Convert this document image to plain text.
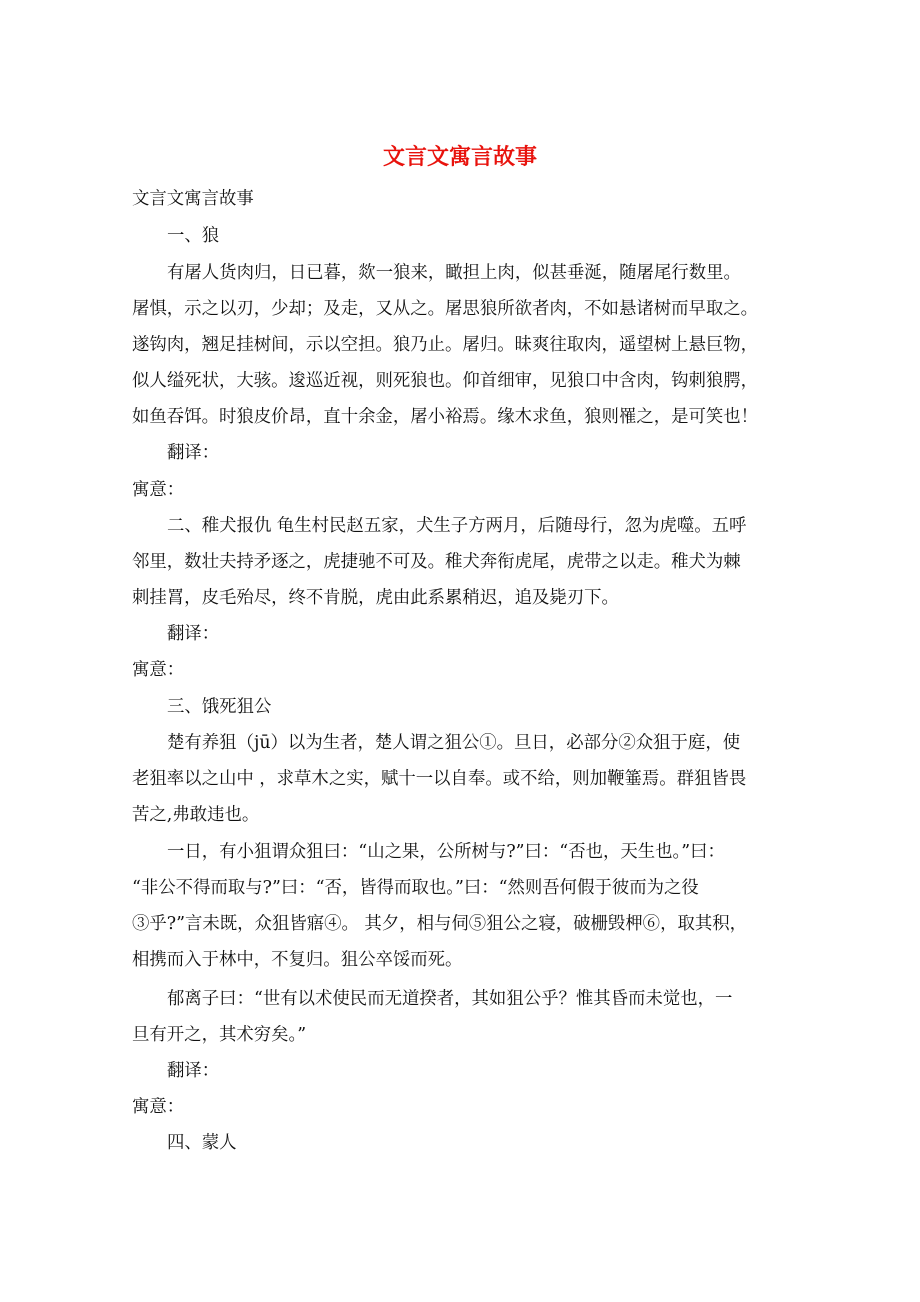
文言文寓言故事
文言文寓言故事
一、狼
有屠人货肉归，日已暮，欻一狼来，瞰担上肉，似甚垂涎，随屠尾行数里。
屠惧，示之以刃，少却；及走，又从之。屠思狼所欲者肉，不如悬诸树而早取之。
遂钩肉，翘足挂树间，示以空担。狼乃止。屠归。昧爽往取肉，遥望树上悬巨物，
似人缢死状，大骇。逡巡近视，则死狼也。仰首细审，见狼口中含肉，钩刺狼腭，
如鱼吞饵。时狼皮价昂，直十余金，屠小裕焉。缘木求鱼，狼则罹之，是可笑也！
翻译：
寓意：
二、稚犬报仇 龟生村民赵五家，犬生子方两月，后随母行，忽为虎噬。五呼
邻里，数壮夫持矛逐之，虎捷驰不可及。稚犬奔衔虎尾，虎带之以走。稚犬为棘
刺挂罥，皮毛殆尽，终不肯脱，虎由此系累稍迟，追及毙刃下。
翻译：
寓意：
三、饿死狙公
楚有养狙（jū）以为生者，楚人谓之狙公①。旦日，必部分②众狙于庭，使
老狙率以之山中 ，求草木之实，赋十一以自奉。或不给，则加鞭箠焉。群狙皆畏
苦之,弗敢违也。
一日，有小狙谓众狙曰：“山之果，公所树与?”曰：“否也，天生也。”曰：
“非公不得而取与?”曰：“否，皆得而取也。”曰：“然则吾何假于彼而为之役
③乎?”言未既，众狙皆寤④。 其夕，相与伺⑤狙公之寝，破栅毁柙⑥，取其积，
相携而入于林中，不复归。狙公卒馁而死。
郁离子曰：“世有以术使民而无道揆者，其如狙公乎？惟其昏而未觉也，一
旦有开之，其术穷矣。”
翻译：
寓意：
四、蒙人
